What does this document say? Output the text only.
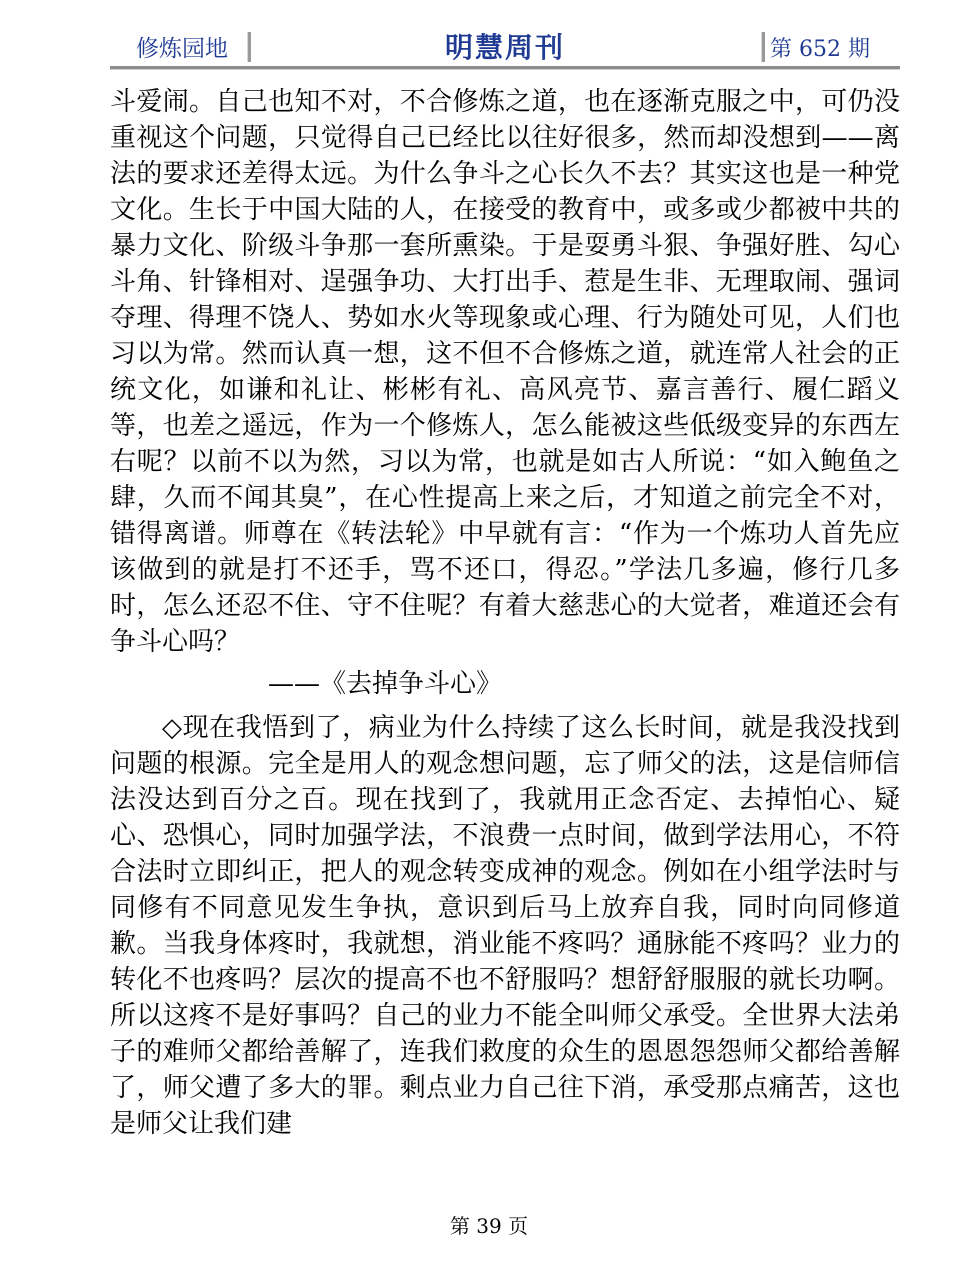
修炼园地	明慧周刊	第 652 期

斗爱闹。自己也知不对，不合修炼之道，也在逐渐克服之中，可仍没重视这个问题，只觉得自己已经比以往好很多，然而却没想到——离法的要求还差得太远。为什么争斗之心长久不去？其实这也是一种党文化。生长于中国大陆的人，在接受的教育中，或多或少都被中共的暴力文化、阶级斗争那一套所熏染。于是耍勇斗狠、争强好胜、勾心斗角、针锋相对、逞强争功、大打出手、惹是生非、无理取闹、强词夺理、得理不饶人、势如水火等现象或心理、行为随处可见，人们也习以为常。然而认真一想，这不但不合修炼之道，就连常人社会的正统文化，如谦和礼让、彬彬有礼、高风亮节、嘉言善行、履仁蹈义等，也差之遥远，作为一个修炼人，怎么能被这些低级变异的东西左右呢？以前不以为然，习以为常，也就是如古人所说：“如入鲍鱼之肆，久而不闻其臭”，在心性提高上来之后，才知道之前完全不对，错得离谱。师尊在《转法轮》中早就有言：“作为一个炼功人首先应该做到的就是打不还手，骂不还口，得忍。”学法几多遍，修行几多时，怎么还忍不住、守不住呢？有着大慈悲心的大觉者，难道还会有争斗心吗？

——《去掉争斗心》

◇现在我悟到了，病业为什么持续了这么长时间，就是我没找到问题的根源。完全是用人的观念想问题，忘了师父的法，这是信师信法没达到百分之百。现在找到了，我就用正念否定、去掉怕心、疑心、恐惧心，同时加强学法，不浪费一点时间，做到学法用心，不符合法时立即纠正，把人的观念转变成神的观念。例如在小组学法时与同修有不同意见发生争执，意识到后马上放弃自我，同时向同修道歉。当我身体疼时，我就想，消业能不疼吗？通脉能不疼吗？业力的转化不也疼吗？层次的提高不也不舒服吗？想舒舒服服的就长功啊。所以这疼不是好事吗？自己的业力不能全叫师父承受。全世界大法弟子的难师父都给善解了，连我们救度的众生的恩恩怨怨师父都给善解了，师父遭了多大的罪。剩点业力自己往下消，承受那点痛苦，这也是师父让我们建

第 39 页
